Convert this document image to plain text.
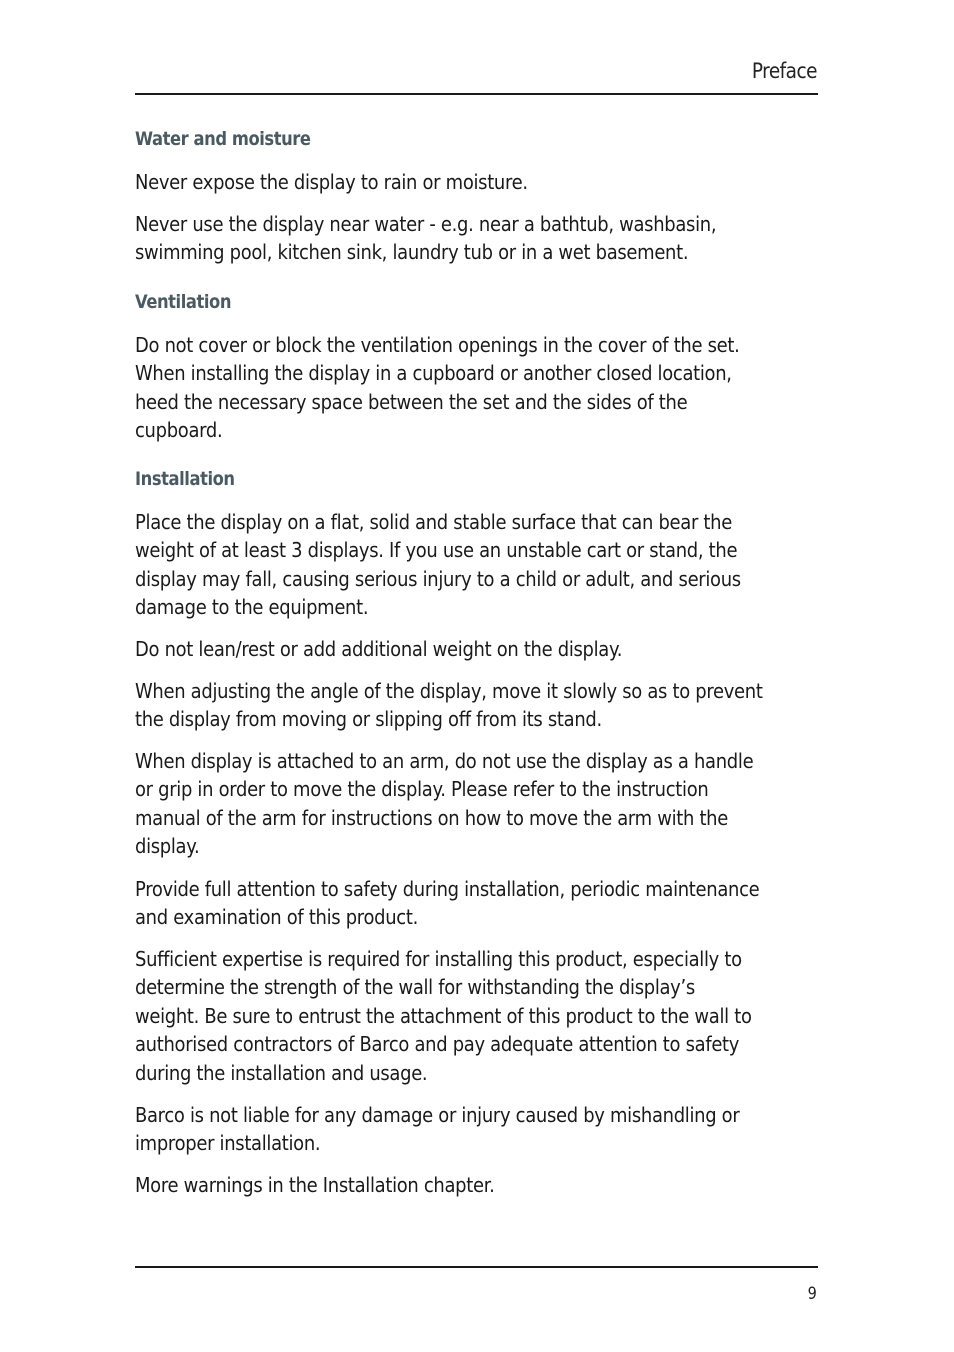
Preface
Water and moisture

Never expose the display to rain or moisture.

Never use the display near water - e.g. near a bathtub, washbasin,
swimming pool, kitchen sink, laundry tub or in a wet basement.

Ventilation

Do not cover or block the ventilation openings in the cover of the set.
When installing the display in a cupboard or another closed location,
heed the necessary space between the set and the sides of the
cupboard.

Installation

Place the display on a flat, solid and stable surface that can bear the
weight of at least 3 displays. If you use an unstable cart or stand, the
display may fall, causing serious injury to a child or adult, and serious
damage to the equipment.

Do not lean/rest or add additional weight on the display.

When adjusting the angle of the display, move it slowly so as to prevent
the display from moving or slipping off from its stand.

When display is attached to an arm, do not use the display as a handle
or grip in order to move the display. Please refer to the instruction
manual of the arm for instructions on how to move the arm with the
display.

Provide full attention to safety during installation, periodic maintenance
and examination of this product.

Sufficient expertise is required for installing this product, especially to
determine the strength of the wall for withstanding the display’s
weight. Be sure to entrust the attachment of this product to the wall to
authorised contractors of Barco and pay adequate attention to safety
during the installation and usage.

Barco is not liable for any damage or injury caused by mishandling or
improper installation.

More warnings in the Installation chapter.

9
